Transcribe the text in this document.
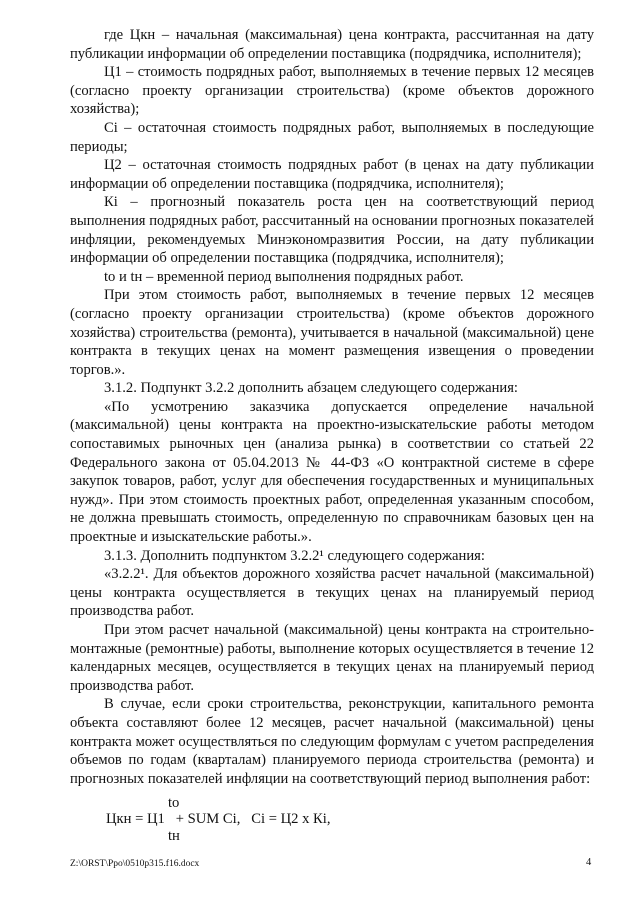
где Цкн – начальная (максимальная) цена контракта, рассчитанная на дату публикации информации об определении поставщика (подрядчика, исполнителя);

Ц1 – стоимость подрядных работ, выполняемых в течение первых 12 месяцев (согласно проекту организации строительства) (кроме объектов дорожного хозяйства);

Сi – остаточная стоимость подрядных работ, выполняемых в последующие периоды;

Ц2 – остаточная стоимость подрядных работ (в ценах на дату публикации информации об определении поставщика (подрядчика, исполнителя);

Кi – прогнозный показатель роста цен на соответствующий период выполнения подрядных работ, рассчитанный на основании прогнозных показателей инфляции, рекомендуемых Минэкономразвития России, на дату публикации информации об определении поставщика (подрядчика, исполнителя);

to и tн – временной период выполнения подрядных работ.

При этом стоимость работ, выполняемых в течение первых 12 месяцев (согласно проекту организации строительства) (кроме объектов дорожного хозяйства) строительства (ремонта), учитывается в начальной (максимальной) цене контракта в текущих ценах на момент размещения извещения о проведении торгов.».

3.1.2. Подпункт 3.2.2 дополнить абзацем следующего содержания:

«По усмотрению заказчика допускается определение начальной (максимальной) цены контракта на проектно-изыскательские работы методом сопоставимых рыночных цен (анализа рынка) в соответствии со статьей 22 Федерального закона от 05.04.2013 № 44-ФЗ «О контрактной системе в сфере закупок товаров, работ, услуг для обеспечения государственных и муниципальных нужд». При этом стоимость проектных работ, определенная указанным способом, не должна превышать стоимость, определенную по справочникам базовых цен на проектные и изыскательские работы.».

3.1.3. Дополнить подпунктом 3.2.2¹ следующего содержания:

«3.2.2¹. Для объектов дорожного хозяйства расчет начальной (максимальной) цены контракта осуществляется в текущих ценах на планируемый период производства работ.

При этом расчет начальной (максимальной) цены контракта на строительно-монтажные (ремонтные) работы, выполнение которых осуществляется в течение 12 календарных месяцев, осуществляется в текущих ценах на планируемый период производства работ.

В случае, если сроки строительства, реконструкции, капитального ремонта объекта составляют более 12 месяцев, расчет начальной (максимальной) цены контракта может осуществляться по следующим формулам с учетом распределения объемов по годам (кварталам) планируемого периода строительства (ремонта) и прогнозных показателей инфляции на соответствующий период выполнения работ:

to
Цкн = Ц1   + SUM Сi,   Сi = Ц2 х Кi,
tн
Z:\ORST\Ppo\0510p315.f16.docx	4
